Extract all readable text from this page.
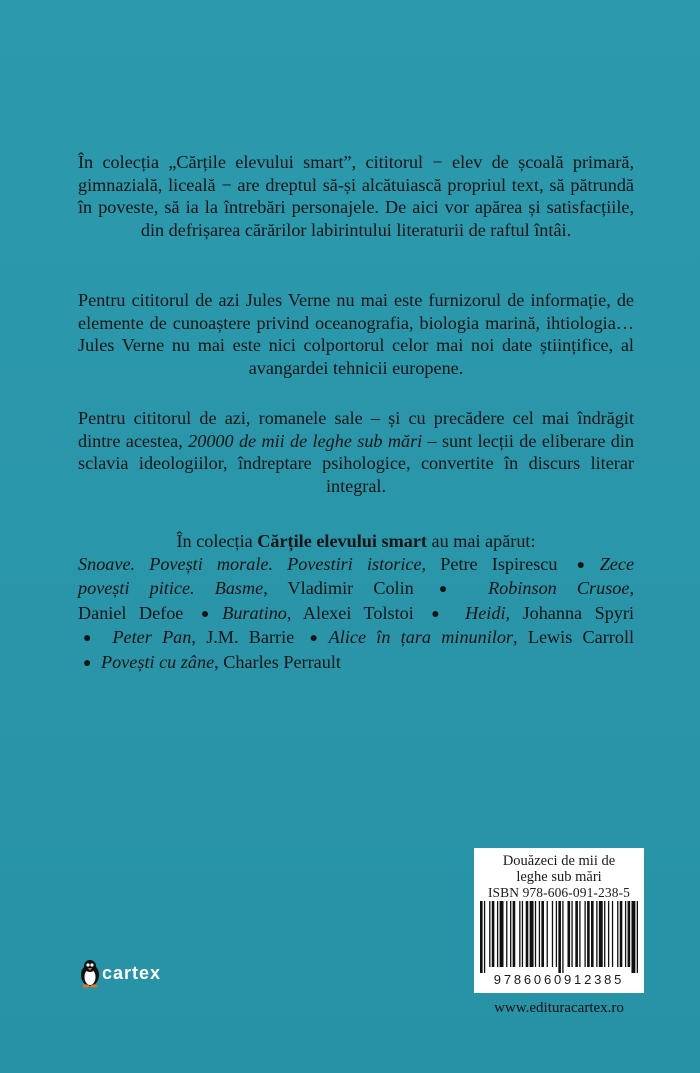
În colecția „Cărțile elevului smart”, cititorul − elev de școală primară, gimnazială, liceală − are dreptul să-și alcătuiască propriul text, să pătrundă în poveste, să ia la întrebări personajele. De aici vor apărea și satisfacțiile, din defrișarea cărărilor labirintului literaturii de raftul întâi.

Pentru cititorul de azi Jules Verne nu mai este furnizorul de informație, de elemente de cunoaștere privind oceanografia, biologia marină, ihtiologia… Jules Verne nu mai este nici colportorul celor mai noi date științifice, al avangardei tehnicii europene.

Pentru cititorul de azi, romanele sale – și cu precădere cel mai îndrăgit dintre acestea, 20000 de mii de leghe sub mări – sunt lecții de eliberare din sclavia ideologiilor, îndreptare psihologice, convertite în discurs literar integral.

În colecția Cărțile elevului smart au mai apărut:
Snoave. Povești morale. Povestiri istorice, Petre Ispirescu ● Zece
povești pitice. Basme, Vladimir Colin ● Robinson Crusoe,
Daniel Defoe ● Buratino, Alexei Tolstoi ● Heidi, Johanna Spyri
● Peter Pan, J.M. Barrie ● Alice în țara minunilor, Lewis Carroll
● Povești cu zâne, Charles Perrault
cartex
Douăzeci de mii de
leghe sub mări
ISBN 978-606-091-238-5
9786060912385
www.edituracartex.ro
